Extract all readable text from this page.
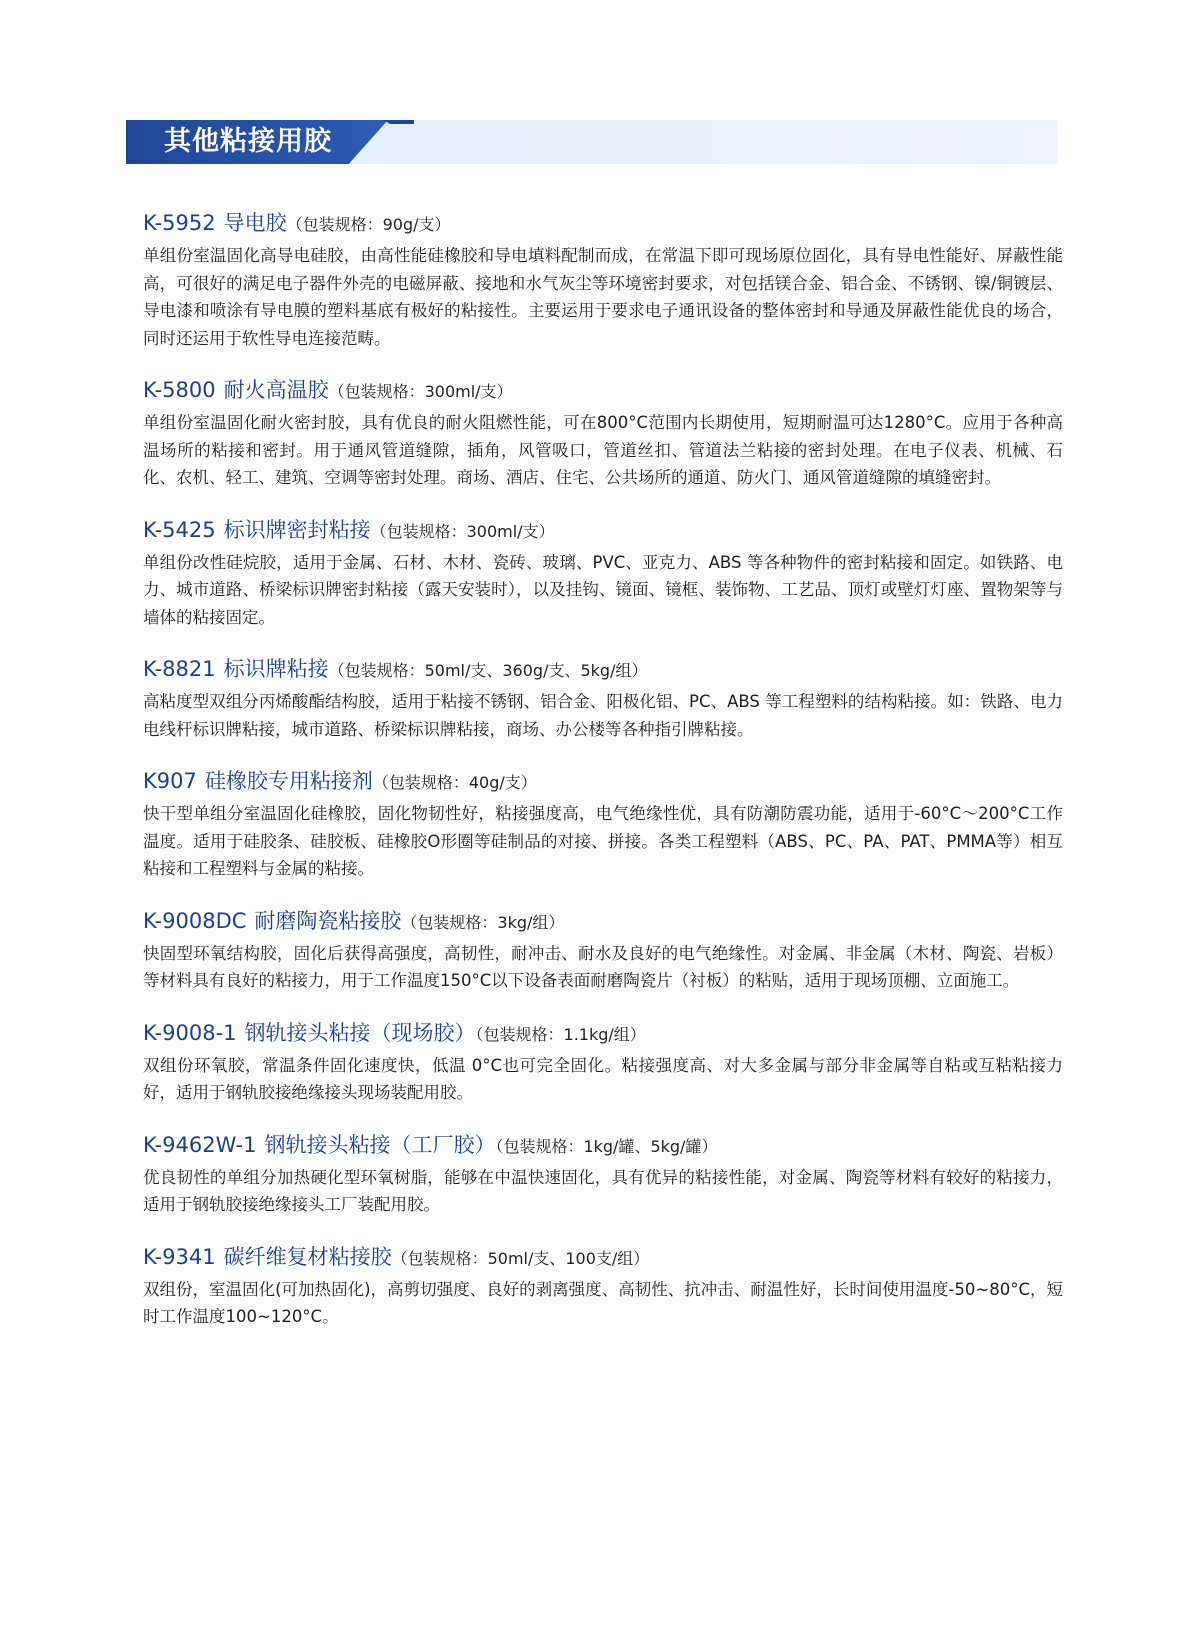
其他粘接用胶
K-5952 导电胶（包装规格：90g/支）

单组份室温固化高导电硅胶，由高性能硅橡胶和导电填料配制而成，在常温下即可现场原位固化，具有导电性能好、屏蔽性能高，可很好的满足电子器件外壳的电磁屏蔽、接地和水气灰尘等环境密封要求，对包括镁合金、铝合金、不锈钢、镍/铜镀层、导电漆和喷涂有导电膜的塑料基底有极好的粘接性。主要运用于要求电子通讯设备的整体密封和导通及屏蔽性能优良的场合，同时还运用于软性导电连接范畴。

K-5800 耐火高温胶（包装规格：300ml/支）

单组份室温固化耐火密封胶，具有优良的耐火阻燃性能，可在800°C范围内长期使用，短期耐温可达1280°C。应用于各种高温场所的粘接和密封。用于通风管道缝隙，插角，风管吸口，管道丝扣、管道法兰粘接的密封处理。在电子仪表、机械、石化、农机、轻工、建筑、空调等密封处理。商场、酒店、住宅、公共场所的通道、防火门、通风管道缝隙的填缝密封。

K-5425 标识牌密封粘接（包装规格：300ml/支）

单组份改性硅烷胶，适用于金属、石材、木材、瓷砖、玻璃、PVC、亚克力、ABS 等各种物件的密封粘接和固定。如铁路、电力、城市道路、桥梁标识牌密封粘接（露天安装时），以及挂钩、镜面、镜框、装饰物、工艺品、顶灯或壁灯灯座、置物架等与墙体的粘接固定。

K-8821 标识牌粘接（包装规格：50ml/支、360g/支、5kg/组）

高粘度型双组分丙烯酸酯结构胶，适用于粘接不锈钢、铝合金、阳极化铝、PC、ABS 等工程塑料的结构粘接。如：铁路、电力电线杆标识牌粘接，城市道路、桥梁标识牌粘接，商场、办公楼等各种指引牌粘接。

K907 硅橡胶专用粘接剂（包装规格：40g/支）

快干型单组分室温固化硅橡胶，固化物韧性好，粘接强度高，电气绝缘性优，具有防潮防震功能，适用于-60°C～200°C工作温度。适用于硅胶条、硅胶板、硅橡胶O形圈等硅制品的对接、拼接。各类工程塑料（ABS、PC、PA、PAT、PMMA等）相互粘接和工程塑料与金属的粘接。

K-9008DC 耐磨陶瓷粘接胶（包装规格：3kg/组）

快固型环氧结构胶，固化后获得高强度，高韧性，耐冲击、耐水及良好的电气绝缘性。对金属、非金属（木材、陶瓷、岩板）等材料具有良好的粘接力，用于工作温度150°C以下设备表面耐磨陶瓷片（衬板）的粘贴，适用于现场顶棚、立面施工。

K-9008-1 钢轨接头粘接（现场胶）（包装规格：1.1kg/组）

双组份环氧胶，常温条件固化速度快，低温 0°C也可完全固化。粘接强度高、对大多金属与部分非金属等自粘或互粘粘接力好，适用于钢轨胶接绝缘接头现场装配用胶。

K-9462W-1 钢轨接头粘接（工厂胶）（包装规格：1kg/罐、5kg/罐）

优良韧性的单组分加热硬化型环氧树脂，能够在中温快速固化，具有优异的粘接性能，对金属、陶瓷等材料有较好的粘接力，适用于钢轨胶接绝缘接头工厂装配用胶。

K-9341 碳纤维复材粘接胶（包装规格：50ml/支、100支/组）

双组份，室温固化(可加热固化)，高剪切强度、良好的剥离强度、高韧性、抗冲击、耐温性好，长时间使用温度-50~80°C，短时工作温度100~120°C。
